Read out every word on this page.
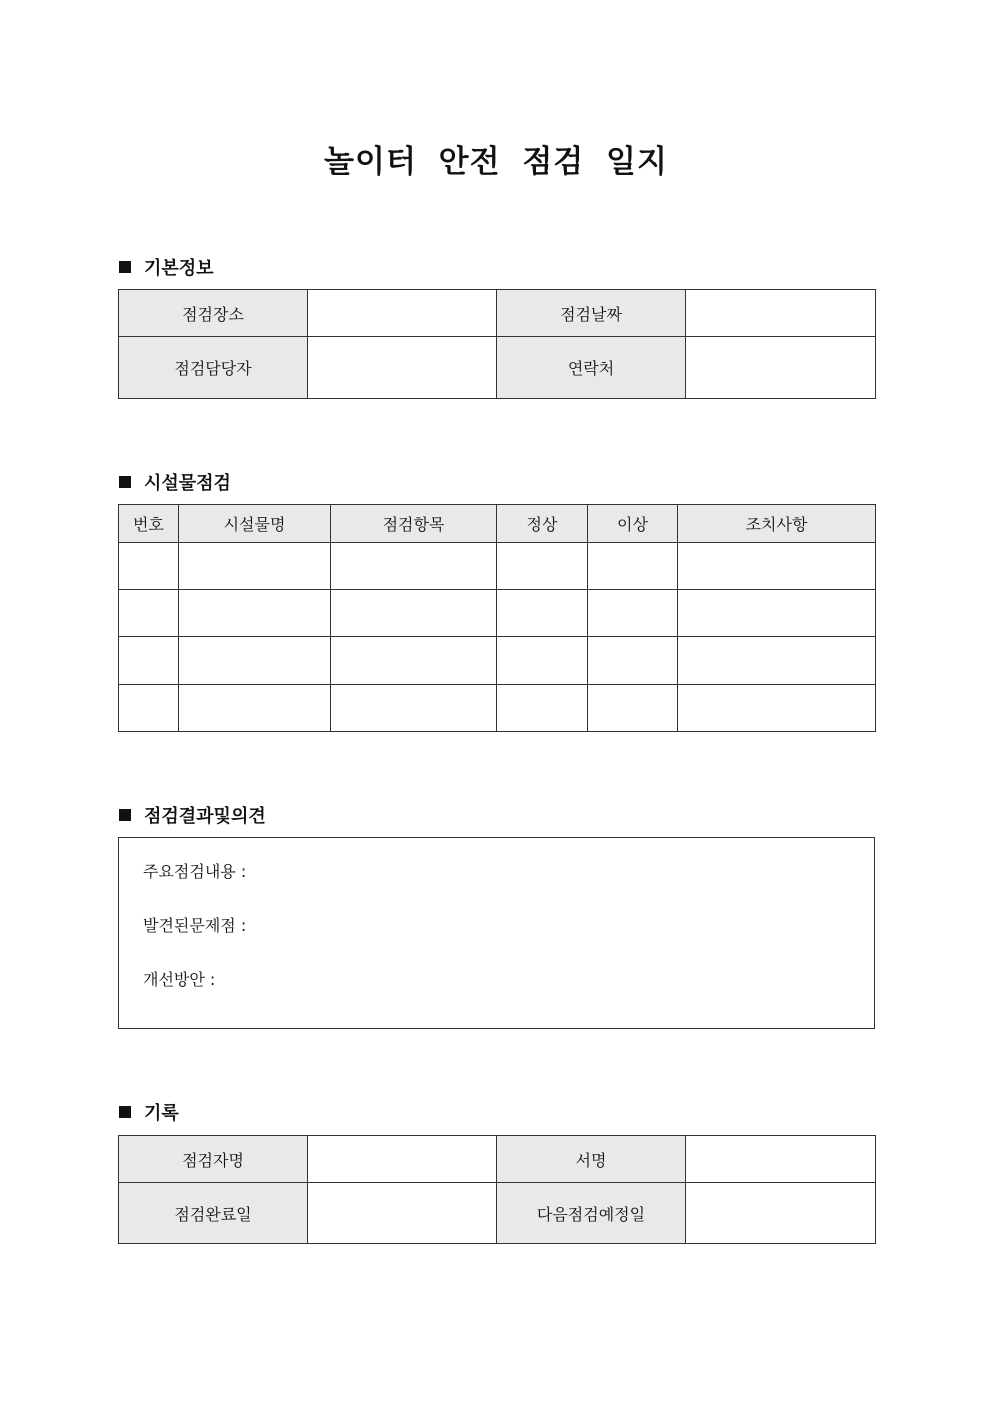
놀이터 안전 점검 일지
기본정보
점검장소		점검날짜	
점검담당자		연락처	
시설물점검
번호	시설물명	점검항목	정상	이상	조치사항

점검결과및의견
주요점검내용 :
발견된문제점 :
개선방안 :
기록
점검자명		서명	
점검완료일		다음점검예정일	
